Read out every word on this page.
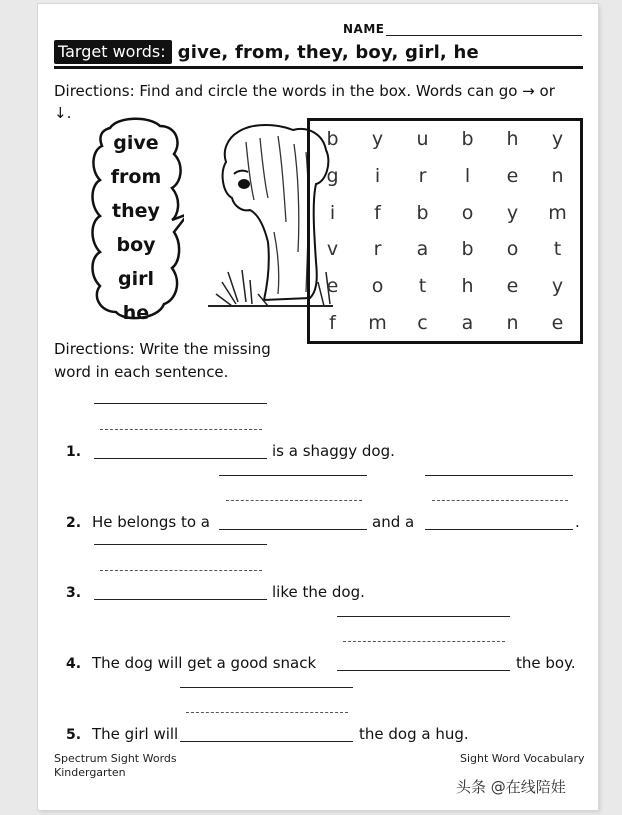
NAME
Target words: give, from, they, boy, girl, he
Directions: Find and circle the words in the box. Words can go → or ↓.
give
from
they
boy
girl
he
b	y	u	b	h	y
g	i	r	l	e	n
i	f	b	o	y	m
v	r	a	b	o	t
e	o	t	h	e	y
f	m	c	a	n	e
Directions: Write the missing word in each sentence.
1.	is a shaggy dog.
2. He belongs to a	and a	.
3.	like the dog.
4. The dog will get a good snack	the boy.
5. The girl will	the dog a hug.
Spectrum Sight Words
Kindergarten
Sight Word Vocabulary
头条 @在线陪娃
